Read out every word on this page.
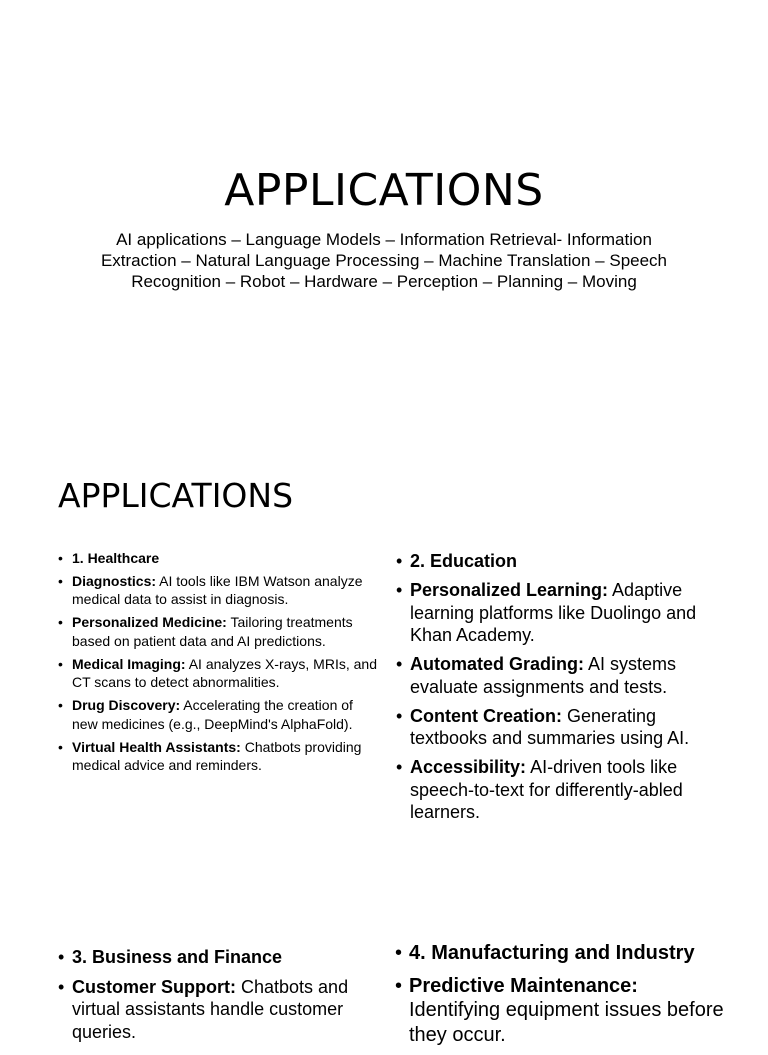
APPLICATIONS
AI applications – Language Models – Information Retrieval- Information Extraction – Natural Language Processing – Machine Translation – Speech Recognition – Robot – Hardware – Perception – Planning – Moving
APPLICATIONS
• 1. Healthcare
• Diagnostics: AI tools like IBM Watson analyze medical data to assist in diagnosis.
• Personalized Medicine: Tailoring treatments based on patient data and AI predictions.
• Medical Imaging: AI analyzes X-rays, MRIs, and CT scans to detect abnormalities.
• Drug Discovery: Accelerating the creation of new medicines (e.g., DeepMind's AlphaFold).
• Virtual Health Assistants: Chatbots providing medical advice and reminders.
• 2. Education
• Personalized Learning: Adaptive learning platforms like Duolingo and Khan Academy.
• Automated Grading: AI systems evaluate assignments and tests.
• Content Creation: Generating textbooks and summaries using AI.
• Accessibility: AI-driven tools like speech-to-text for differently-abled learners.
• 3. Business and Finance
• Customer Support: Chatbots and virtual assistants handle customer queries.
• 4. Manufacturing and Industry
• Predictive Maintenance: Identifying equipment issues before they occur.
